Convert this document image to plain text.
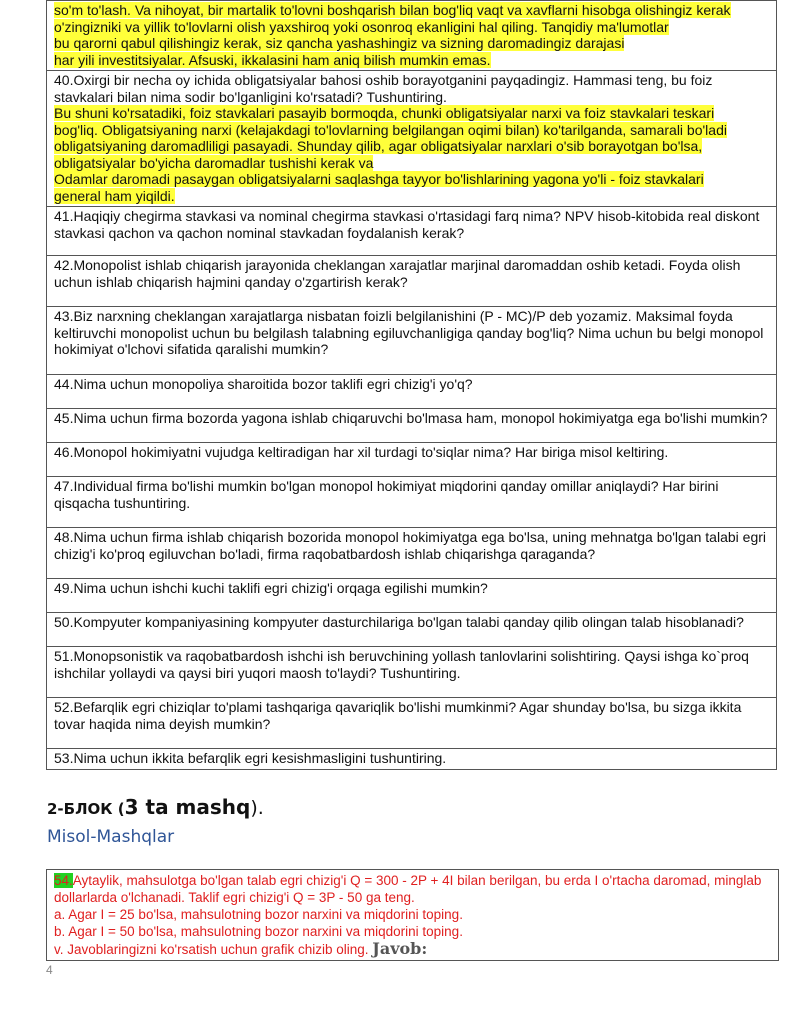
so'm to'lash. Va nihoyat, bir martalik to'lovni boshqarish bilan bog'liq vaqt va xavflarni hisobga olishingiz kerak
o'zingizniki va yillik to'lovlarni olish yaxshiroq yoki osonroq ekanligini hal qiling. Tanqidiy ma'lumotlar
bu qarorni qabul qilishingiz kerak, siz qancha yashashingiz va sizning daromadingiz darajasi
har yili investitsiyalar. Afsuski, ikkalasini ham aniq bilish mumkin emas.

40.Oxirgi bir necha oy ichida obligatsiyalar bahosi oshib borayotganini payqadingiz. Hammasi teng, bu foiz stavkalari bilan nima sodir bo'lganligini ko'rsatadi? Tushuntiring.
Bu shuni ko'rsatadiki, foiz stavkalari pasayib bormoqda, chunki obligatsiyalar narxi va foiz stavkalari teskari
bog'liq. Obligatsiyaning narxi (kelajakdagi to'lovlarning belgilangan oqimi bilan) ko'tarilganda, samarali bo'ladi
obligatsiyaning daromadliligi pasayadi. Shunday qilib, agar obligatsiyalar narxlari o'sib borayotgan bo'lsa,
obligatsiyalar bo'yicha daromadlar tushishi kerak va
Odamlar daromadi pasaygan obligatsiyalarni saqlashga tayyor bo'lishlarining yagona yo'li - foiz stavkalari
general ham yiqildi.
41.Haqiqiy chegirma stavkasi va nominal chegirma stavkasi o'rtasidagi farq nima? NPV hisob-kitobida real diskont stavkasi qachon va qachon nominal stavkadan foydalanish kerak?
42.Monopolist ishlab chiqarish jarayonida cheklangan xarajatlar marjinal daromaddan oshib ketadi. Foyda olish uchun ishlab chiqarish hajmini qanday o'zgartirish kerak?
43.Biz narxning cheklangan xarajatlarga nisbatan foizli belgilanishini (P - MC)/P deb yozamiz. Maksimal foyda keltiruvchi monopolist uchun bu belgilash talabning egiluvchanligiga qanday bog'liq? Nima uchun bu belgi monopol hokimiyat o'lchovi sifatida qaralishi mumkin?
44.Nima uchun monopoliya sharoitida bozor taklifi egri chizig'i yo'q?
45.Nima uchun firma bozorda yagona ishlab chiqaruvchi bo'lmasa ham, monopol hokimiyatga ega bo'lishi mumkin?
46.Monopol hokimiyatni vujudga keltiradigan har xil turdagi to'siqlar nima? Har biriga misol keltiring.
47.Individual firma bo'lishi mumkin bo'lgan monopol hokimiyat miqdorini qanday omillar aniqlaydi? Har birini qisqacha tushuntiring.
48.Nima uchun firma ishlab chiqarish bozorida monopol hokimiyatga ega bo'lsa, uning mehnatga bo'lgan talabi egri chizig'i ko'proq egiluvchan bo'ladi, firma raqobatbardosh ishlab chiqarishga qaraganda?
49.Nima uchun ishchi kuchi taklifi egri chizig'i orqaga egilishi mumkin?
50.Kompyuter kompaniyasining kompyuter dasturchilariga bo'lgan talabi qanday qilib olingan talab hisoblanadi?
51.Monopsonistik va raqobatbardosh ishchi ish beruvchining yollash tanlovlarini solishtiring. Qaysi ishga ko`proq ishchilar yollaydi va qaysi biri yuqori maosh to'laydi? Tushuntiring.
52.Befarqlik egri chiziqlar to'plami tashqariga qavariqlik bo'lishi mumkinmi? Agar shunday bo'lsa, bu sizga ikkita tovar haqida nima deyish mumkin?
53.Nima uchun ikkita befarqlik egri kesishmasligini tushuntiring.
2-БЛОК (3 ta mashq).
Misol-Mashqlar

54.Aytaylik, mahsulotga bo'lgan talab egri chizig'i Q = 300 - 2P + 4I bilan berilgan, bu erda I o'rtacha daromad, minglab dollarlarda o'lchanadi. Taklif egri chizig'i Q = 3P - 50 ga teng.

a. Agar I = 25 bo'lsa, mahsulotning bozor narxini va miqdorini toping.

b. Agar I = 50 bo'lsa, mahsulotning bozor narxini va miqdorini toping.

v. Javoblaringizni ko'rsatish uchun grafik chizib oling. Javob:

4
